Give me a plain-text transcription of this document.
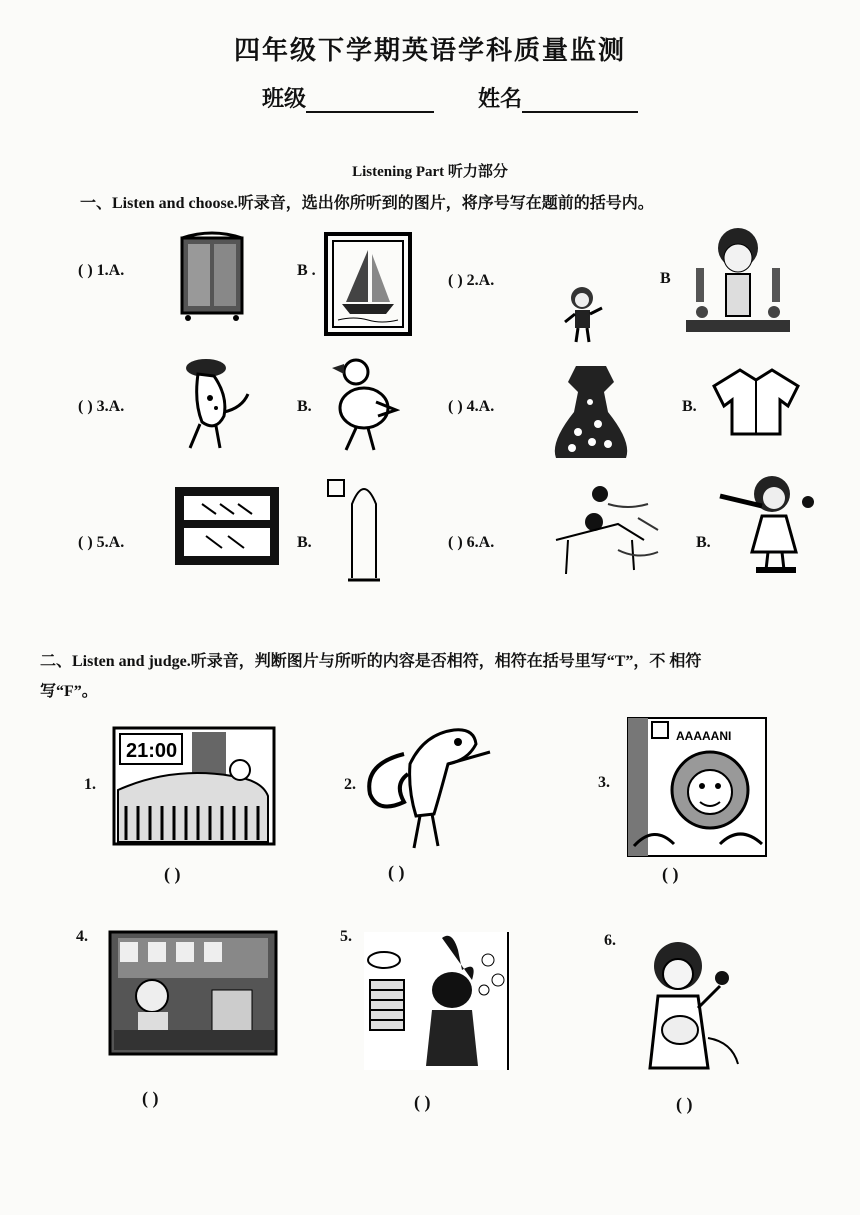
四年级下学期英语学科质量监测
班级	姓名
Listening Part 听力部分
一、Listen and choose.听录音，选出你所听到的图片，将序号写在题前的括号内。
( ) 1.A.	B .
( ) 2.A.	B
( ) 3.A.	B.	( ) 4.A.	B.
( ) 5.A.	B.	( ) 6.A.	B.
二、Listen and judge.听录音，判断图片与所听的内容是否相符，相符在括号里写“T”，不 相符
写“F”。
1.
21:00
( )
2.
( )
3.
AAAAANI
( )
4.
( )
5.
( )
6.
( )
